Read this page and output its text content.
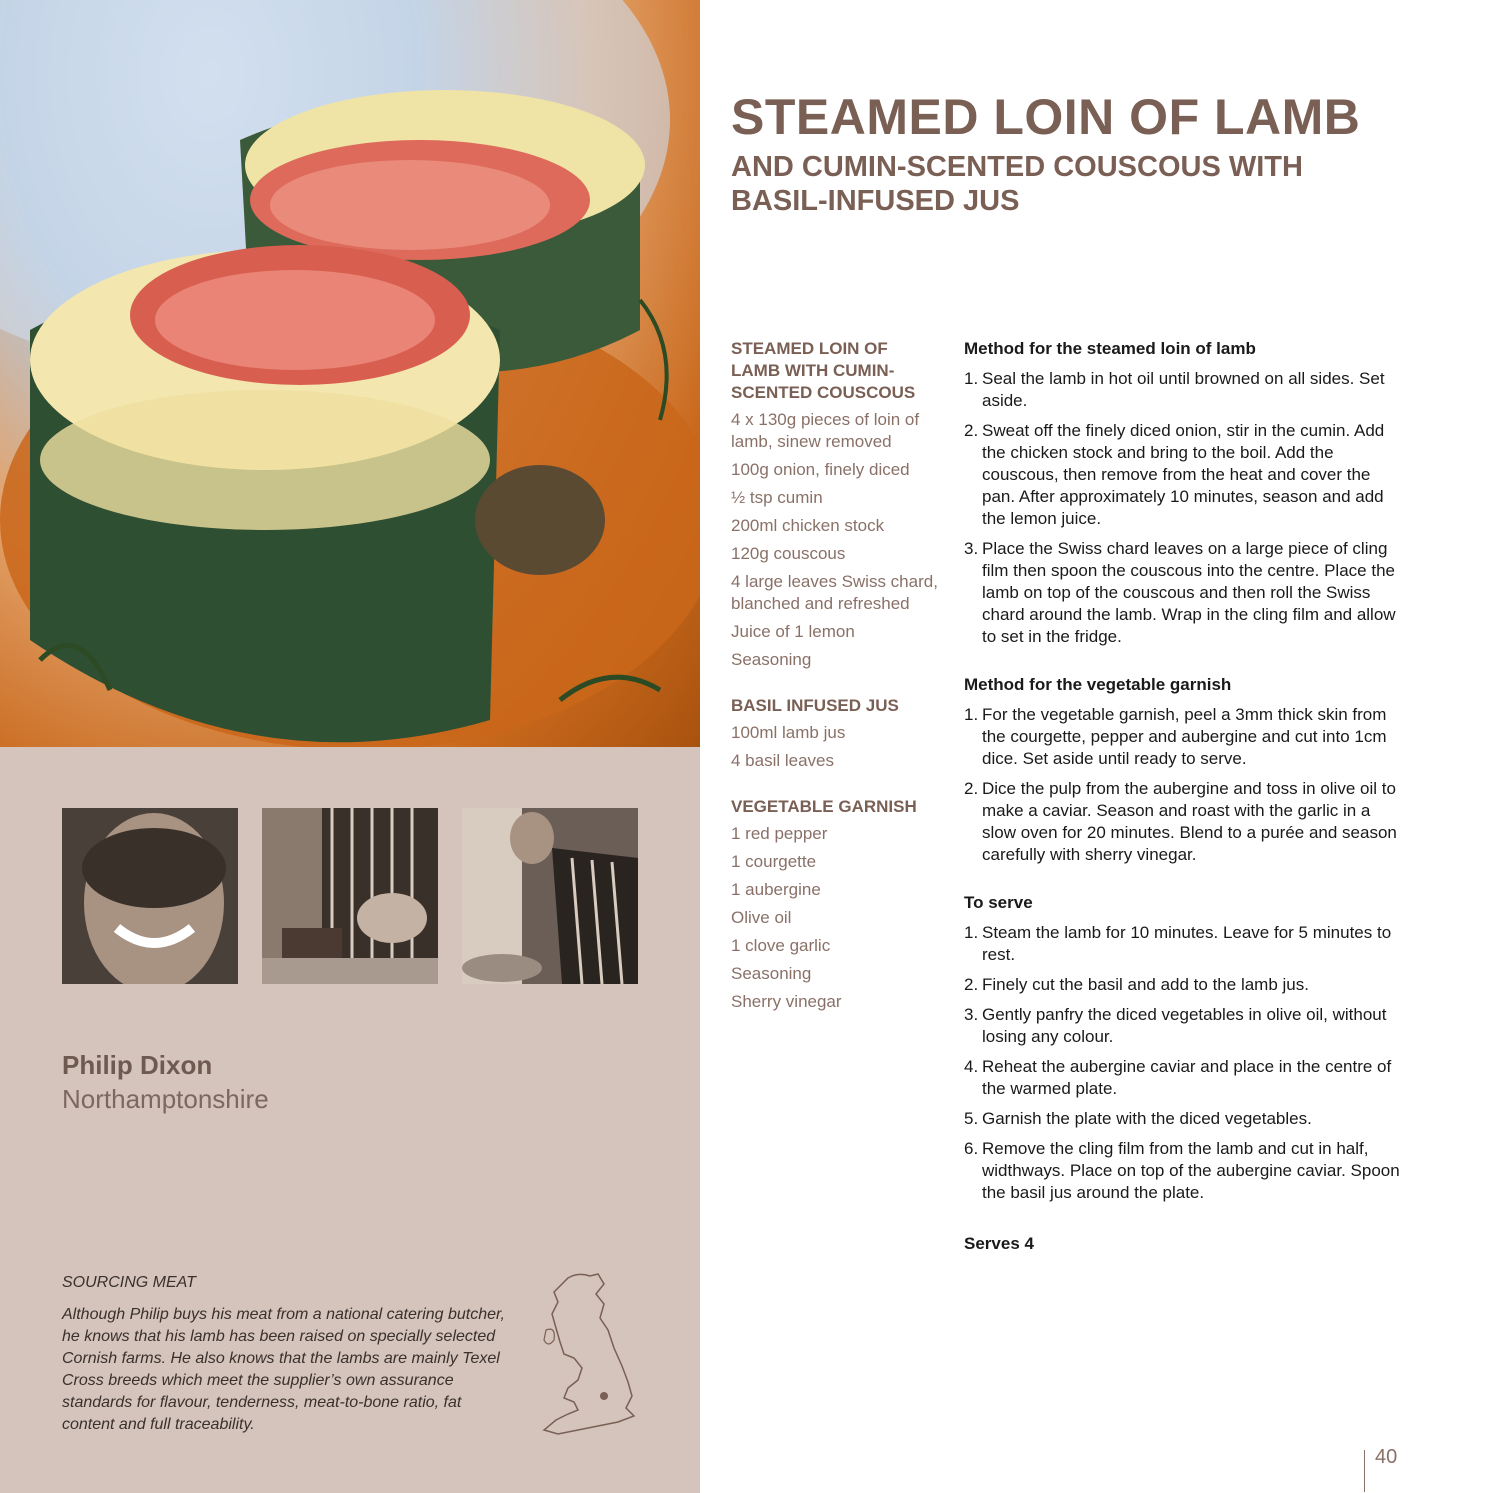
Philip Dixon
Northamptonshire
SOURCING MEAT
Although Philip buys his meat from a national catering butcher, he knows that his lamb has been raised on specially selected Cornish farms. He also knows that the lambs are mainly Texel Cross breeds which meet the supplier’s own assurance standards for flavour, tenderness, meat-to-bone ratio, fat content and full traceability.
STEAMED LOIN OF LAMB
AND CUMIN-SCENTED COUSCOUS WITH BASIL-INFUSED JUS
STEAMED LOIN OF LAMB WITH CUMIN-SCENTED COUSCOUS
4 x 130g pieces of loin of lamb, sinew removed
100g onion, finely diced
½ tsp cumin
200ml chicken stock
120g couscous
4 large leaves Swiss chard, blanched and refreshed
Juice of 1 lemon
Seasoning
BASIL INFUSED JUS
100ml lamb jus
4 basil leaves
VEGETABLE GARNISH
1 red pepper
1 courgette
1 aubergine
Olive oil
1 clove garlic
Seasoning
Sherry vinegar
Method for the steamed loin of lamb
1. Seal the lamb in hot oil until browned on all sides. Set aside.
2. Sweat off the finely diced onion, stir in the cumin. Add the chicken stock and bring to the boil. Add the couscous, then remove from the heat and cover the pan. After approximately 10 minutes, season and add the lemon juice.
3. Place the Swiss chard leaves on a large piece of cling film then spoon the couscous into the centre. Place the lamb on top of the couscous and then roll the Swiss chard around the lamb. Wrap in the cling film and allow to set in the fridge.
Method for the vegetable garnish
1. For the vegetable garnish, peel a 3mm thick skin from the courgette, pepper and aubergine and cut into 1cm dice. Set aside until ready to serve.
2. Dice the pulp from the aubergine and toss in olive oil to make a caviar. Season and roast with the garlic in a slow oven for 20 minutes. Blend to a purée and season carefully with sherry vinegar.
To serve
1. Steam the lamb for 10 minutes. Leave for 5 minutes to rest.
2. Finely cut the basil and add to the lamb jus.
3. Gently panfry the diced vegetables in olive oil, without losing any colour.
4. Reheat the aubergine caviar and place in the centre of the warmed plate.
5. Garnish the plate with the diced vegetables.
6. Remove the cling film from the lamb and cut in half, widthways. Place on top of the aubergine caviar. Spoon the basil jus around the plate.
Serves 4
40
